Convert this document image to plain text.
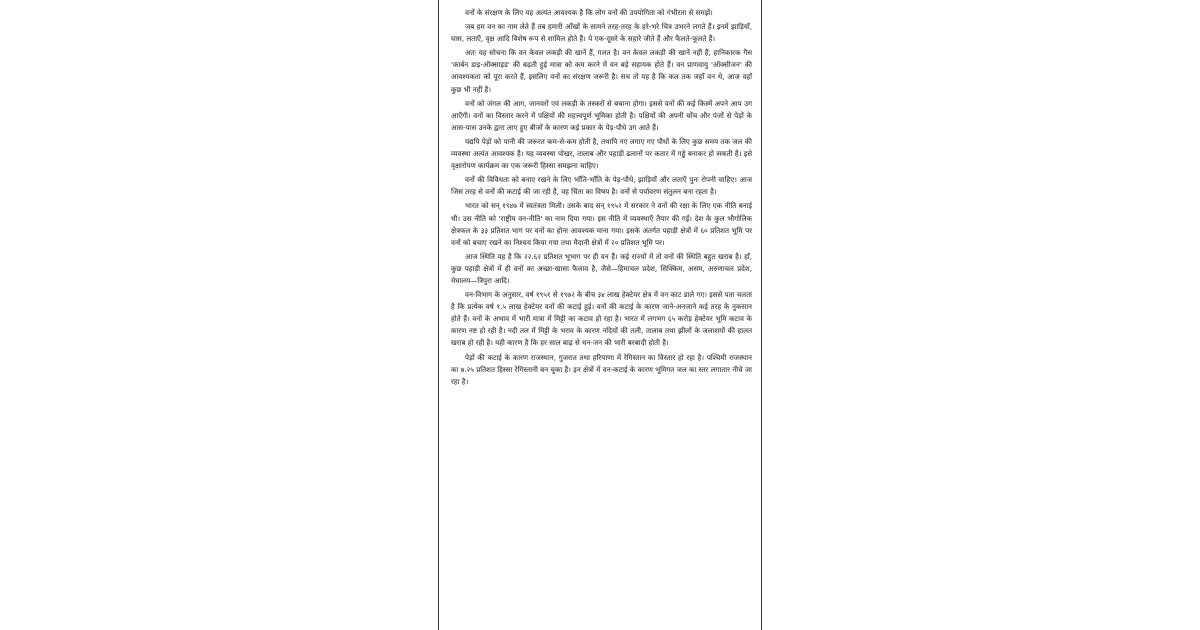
वनों के संरक्षण के लिए यह अत्यंत आवश्यक है कि लोग वनों की उपयोगिता को गंभीरता से समझें।

जब हम वन का नाम लेते हैं तब हमारी आँखों के सामने तरह-तरह के हरे-भरे चित्र उभरने लगते हैं। इनमें झाड़ियाँ, घास, लताएँ, वृक्ष आदि विशेष रूप से शामिल होते हैं। ये एक-दूसरे के सहारे जीते हैं और फैलते-फूलते हैं।

अतः यह सोचना कि वन केवल लकड़ी की खानें हैं, गलत है। वन केवल लकड़ी की खानें नहीं हैं, हानिकारक गैस 'कार्बन डाइ-ऑक्साइड' की बढ़ती हुई मात्रा को कम करने में वन बड़े सहायक होते हैं। वन प्राणवायु 'ऑक्सीजन' की आवश्यकता को पूरा करते हैं, इसलिए वनों का संरक्षण जरूरी है। सच तो यह है कि कल तक जहाँ वन थे, आज वहाँ कुछ भी नहीं है।

वनों को जंगल की आग, जानवरों एवं लकड़ी के तस्करों से बचाना होगा। इससे वनों की कई किस्में अपने आप उग आएँगी। वनों का विस्तार करने में पक्षियों की महत्त्वपूर्ण भूमिका होती है। पक्षियों की अपनी चोंच और पंजों से पेड़ों के आस-पास उनके द्वारा लाए हुए बीजों के कारण कई प्रकार के पेड़-पौधे उग आते हैं।

यद्यपि पेड़ों को पानी की जरूरत कम-से-कम होती है, तथापि नए लगाए गए पौधों के लिए कुछ समय तक जल की व्यवस्था अत्यंत आवश्यक है। यह व्यवस्था पोखर, तालाब और पहाड़ी ढलानों पर कतार में गड्ढे बनाकर हो सकती है। इसे वृक्षारोपण कार्यक्रम का एक जरूरी हिस्सा समझना चाहिए।

वनों की विविधता को बनाए रखने के लिए भाँति-भाँति के पेड़-पौधे, झाड़ियाँ और लताएँ पुनः रोपनी चाहिए। आज जिस तरह से वनों की कटाई की जा रही है, वह चिंता का विषय है। वनों से पर्यावरण संतुलन बना रहता है।

भारत को सन् १९४७ में स्वतंत्रता मिली। उसके बाद सन् १९५२ में सरकार ने वनों की रक्षा के लिए एक नीति बनाई थी। उस नीति को 'राष्ट्रीय वन-नीति' का नाम दिया गया। इस नीति में व्यवस्थाएँ तैयार की गईं। देश के कुल भौगोलिक क्षेत्रफल के ३३ प्रतिशत भाग पर वनों का होना आवश्यक माना गया। इसके अंतर्गत पहाड़ी क्षेत्रों में ६० प्रतिशत भूमि पर वनों को बचाए रखने का निश्चय किया गया तथा मैदानी क्षेत्रों में २० प्रतिशत भूमि पर।

आज स्थिति यह है कि २२.६२ प्रतिशत भूभाग पर ही वन हैं। कई राज्यों में तो वनों की स्थिति बहुत खराब है। हाँ, कुछ पहाड़ी क्षेत्रों में ही वनों का अच्छा-खासा फैलाव है, जैसे—हिमाचल प्रदेश, सिक्किम, असम, अरुणाचल प्रदेश, मेघालय—त्रिपुरा आदि।

वन-विभाग के अनुसार, वर्ष १९५१ से १९७२ के बीच ३४ लाख हेक्टेयर क्षेत्र में वन काट डाले गए। इससे पता चलता है कि प्रत्येक वर्ष १.५ लाख हेक्टेयर वनों की कटाई हुई। वनों की कटाई के कारण जाने-अनजाने कई तरह के नुकसान होते हैं। वनों के अभाव में भारी मात्रा में मिट्टी का कटाव हो रहा है। भारत में लगभग ६५ करोड़ हेक्टेयर भूमि कटाव के कारण नष्ट हो रही है। नदी तल में मिट्टी के भराव के कारण नदियों की तली, तालाब तथा झीलों के जलाशयों की हालत खराब हो रही है। यही कारण है कि हर साल बाढ़ से धन-जन की भारी बरबादी होती है।

पेड़ों की कटाई के कारण राजस्थान, गुजरात तथा हरियाणा में रेगिस्तान का विस्तार हो रहा है। पश्चिमी राजस्थान का ७.२५ प्रतिशत हिस्सा रेगिस्तानी बन चुका है। इन क्षेत्रों में वन-कटाई के कारण भूमिगत जल का स्तर लगातार नीचे जा रहा है।
